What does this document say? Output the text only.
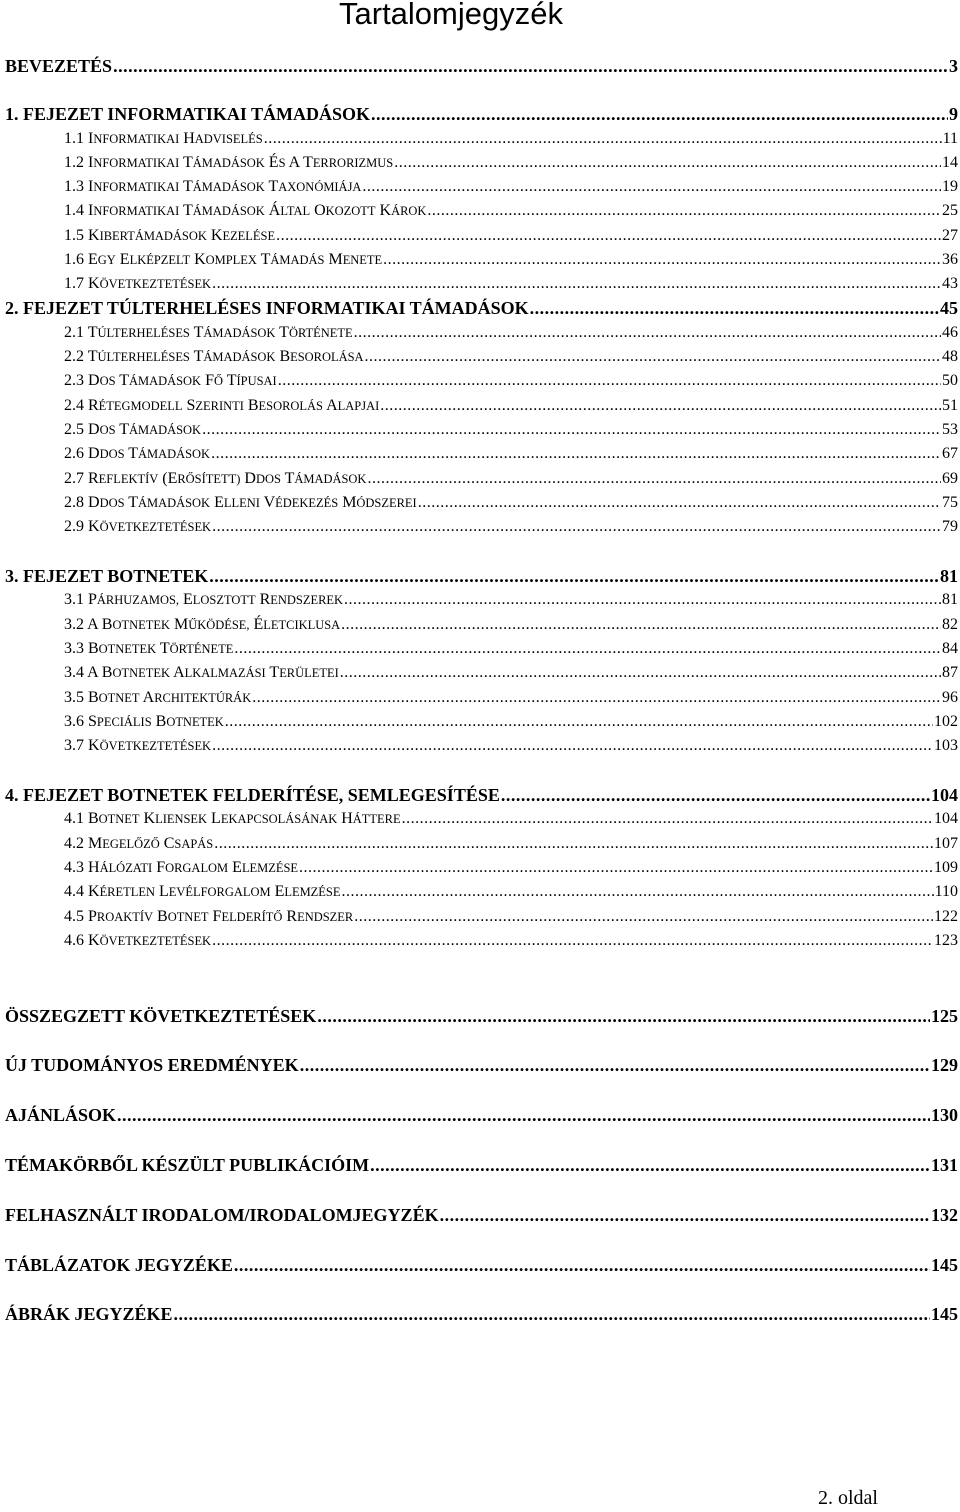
Tartalomjegyzék
BEVEZETÉS .....	3
1. FEJEZET INFORMATIKAI TÁMADÁSOK .....	9
1.1 INFORMATIKAI HADVISELÉS .....	11
1.2 INFORMATIKAI TÁMADÁSOK ÉS A TERRORIZMUS .....	14
1.3 INFORMATIKAI TÁMADÁSOK TAXONÓMIÁJA .....	19
1.4 INFORMATIKAI TÁMADÁSOK ÁLTAL OKOZOTT KÁROK .....	25
1.5 KIBERTÁMADÁSOK KEZELÉSE .....	27
1.6 EGY ELKÉPZELT KOMPLEX TÁMADÁS MENETE .....	36
1.7 KÖVETKEZTETÉSEK .....	43
2. FEJEZET TÚLTERHELÉSES INFORMATIKAI TÁMADÁSOK .....	45
2.1 TÚLTERHELÉSES TÁMADÁSOK TÖRTÉNETE .....	46
2.2 TÚLTERHELÉSES TÁMADÁSOK BESOROLÁSA .....	48
2.3 DOS TÁMADÁSOK FŐ TÍPUSAI .....	50
2.4 RÉTEGMODELL SZERINTI BESOROLÁS ALAPJAI .....	51
2.5 DOS TÁMADÁSOK .....	53
2.6 DDOS TÁMADÁSOK .....	67
2.7 REFLEKTÍV (ERŐSÍTETT) DDOS TÁMADÁSOK .....	69
2.8 DDOS TÁMADÁSOK ELLENI VÉDEKEZÉS MÓDSZEREI .....	75
2.9 KÖVETKEZTETÉSEK .....	79
3. FEJEZET BOTNETEK .....	81
3.1 PÁRHUZAMOS, ELOSZTOTT RENDSZEREK .....	81
3.2 A BOTNETEK MŰKÖDÉSE, ÉLETCIKLUSA .....	82
3.3 BOTNETEK TÖRTÉNETE .....	84
3.4 A BOTNETEK ALKALMAZÁSI TERÜLETEI .....	87
3.5 BOTNET ARCHITEKTÚRÁK .....	96
3.6 SPECIÁLIS BOTNETEK .....	102
3.7 KÖVETKEZTETÉSEK .....	103
4. FEJEZET BOTNETEK FELDERÍTÉSE, SEMLEGESÍTÉSE .....	104
4.1 BOTNET KLIENSEK LEKAPCSOLÁSÁNAK HÁTTERE .....	104
4.2 MEGELŐZŐ CSAPÁS .....	107
4.3 HÁLÓZATI FORGALOM ELEMZÉSE .....	109
4.4 KÉRETLEN LEVÉLFORGALOM ELEMZÉSE .....	110
4.5 PROAKTÍV BOTNET FELDERÍTŐ RENDSZER .....	122
4.6 KÖVETKEZTETÉSEK .....	123
ÖSSZEGZETT KÖVETKEZTETÉSEK .....	125
ÚJ TUDOMÁNYOS EREDMÉNYEK .....	129
AJÁNLÁSOK .....	130
TÉMAKÖRBŐL KÉSZÜLT PUBLIKÁCIÓIM .....	131
FELHASZNÁLT IRODALOM/IRODALOMJEGYZÉK .....	132
TÁBLÁZATOK JEGYZÉKE .....	145
ÁBRÁK JEGYZÉKE .....	145
2. oldal
